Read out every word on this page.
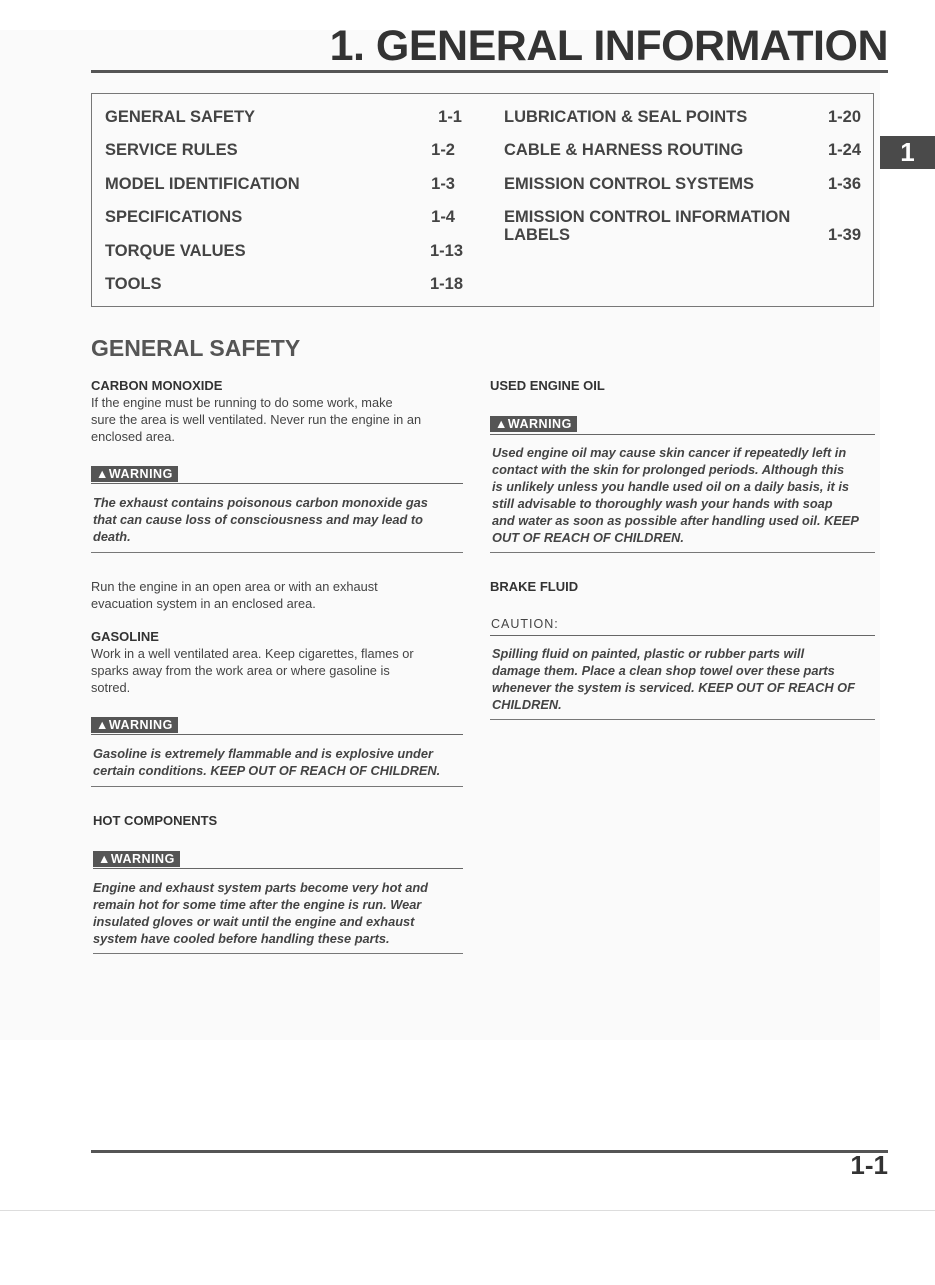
1. GENERAL INFORMATION
1
GENERAL SAFETY	1-1
SERVICE RULES	1-2
MODEL IDENTIFICATION	1-3
SPECIFICATIONS	1-4
TORQUE VALUES	1-13
TOOLS	1-18
LUBRICATION & SEAL POINTS	1-20
CABLE & HARNESS ROUTING	1-24
EMISSION CONTROL SYSTEMS	1-36
EMISSION CONTROL INFORMATION
LABELS	1-39
GENERAL SAFETY
CARBON MONOXIDE
If the engine must be running to do some work, make
sure the area is well ventilated. Never run the engine in an
enclosed area.
▲WARNING
The exhaust contains poisonous carbon monoxide gas
that can cause loss of consciousness and may lead to
death.
Run the engine in an open area or with an exhaust
evacuation system in an enclosed area.
GASOLINE
Work in a well ventilated area. Keep cigarettes, flames or
sparks away from the work area or where gasoline is
sotred.
▲WARNING
Gasoline is extremely flammable and is explosive under
certain conditions. KEEP OUT OF REACH OF CHILDREN.
HOT COMPONENTS
▲WARNING
Engine and exhaust system parts become very hot and
remain hot for some time after the engine is run. Wear
insulated gloves or wait until the engine and exhaust
system have cooled before handling these parts.
USED ENGINE OIL
▲WARNING
Used engine oil may cause skin cancer if repeatedly left in
contact with the skin for prolonged periods. Although this
is unlikely unless you handle used oil on a daily basis, it is
still advisable to thoroughly wash your hands with soap
and water as soon as possible after handling used oil. KEEP
OUT OF REACH OF CHILDREN.
BRAKE FLUID
CAUTION:
Spilling fluid on painted, plastic or rubber parts will
damage them. Place a clean shop towel over these parts
whenever the system is serviced. KEEP OUT OF REACH OF
CHILDREN.
1-1
